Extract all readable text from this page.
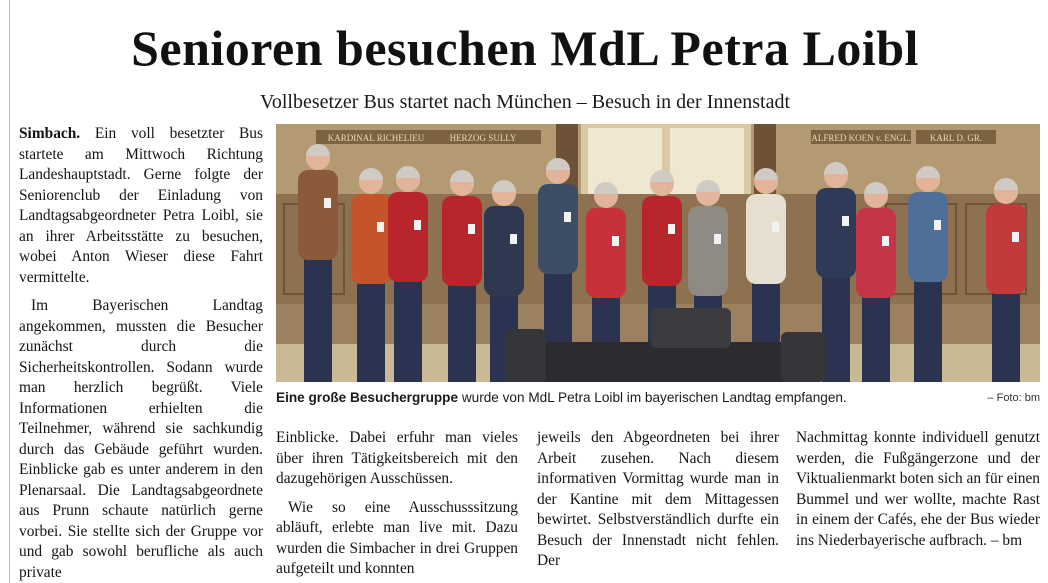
Senioren besuchen MdL Petra Loibl
Vollbesetzer Bus startet nach München – Besuch in der Innenstadt

Simbach. Ein voll besetzter Bus startete am Mittwoch Richtung Landeshauptstadt. Gerne folgte der Seniorenclub der Einladung von Landtagsabgeordneter Petra Loibl, sie an ihrer Arbeitsstätte zu besuchen, wobei Anton Wieser diese Fahrt vermittelte.

Im Bayerischen Landtag angekommen, mussten die Besucher zunächst durch die Sicherheitskontrollen. Sodann wurde man herzlich begrüßt. Viele Informationen erhielten die Teilnehmer, während sie sachkundig durch das Gebäude geführt wurden. Einblicke gab es unter anderem in den Plenarsaal. Die Landtagsabgeordnete aus Prunn schaute natürlich gerne vorbei. Sie stellte sich der Gruppe vor und gab sowohl berufliche als auch private

KARDINAL RICHELIEU	HERZOG SULLY	ALFRED KOEN v. ENGL. KARL D. GR.
Eine große Besuchergruppe wurde von MdL Petra Loibl im bayerischen Landtag empfangen.	– Foto: bm

Einblicke. Dabei erfuhr man vieles über ihren Tätigkeitsbereich mit den dazugehörigen Ausschüssen.

Wie so eine Ausschusssitzung abläuft, erlebte man live mit. Dazu wurden die Simbacher in drei Gruppen aufgeteilt und konnten

jeweils den Abgeordneten bei ihrer Arbeit zusehen. Nach diesem informativen Vormittag wurde man in der Kantine mit dem Mittagessen bewirtet. Selbstverständlich durfte ein Besuch der Innenstadt nicht fehlen. Der

Nachmittag konnte individuell genutzt werden, die Fußgängerzone und der Viktualienmarkt boten sich an für einen Bummel und wer wollte, machte Rast in einem der Cafés, ehe der Bus wieder ins Niederbayerische aufbrach. – bm
